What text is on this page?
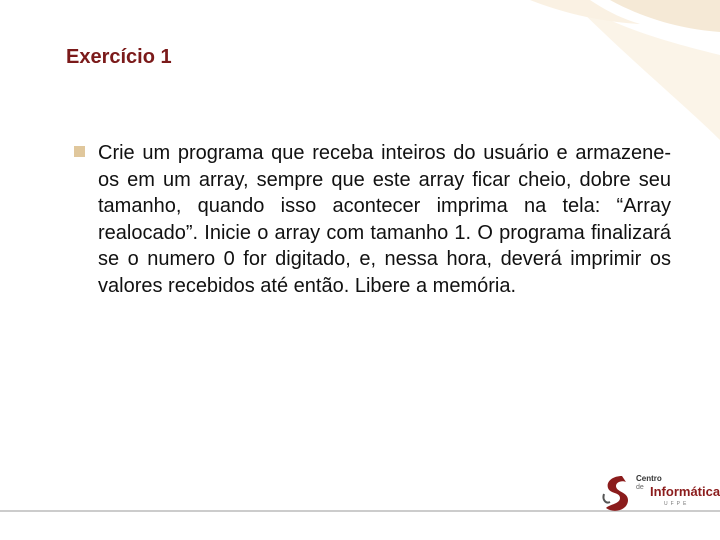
Exercício 1
Crie um programa que receba inteiros do usuário e armazene-os em um array, sempre que este array ficar cheio, dobre seu tamanho, quando isso acontecer imprima na tela: “Array realocado”. Inicie o array com tamanho 1. O programa finalizará se o numero 0 for digitado, e, nessa hora, deverá imprimir os valores recebidos até então. Libere a memória.
Centro
de Informática
UFPE
